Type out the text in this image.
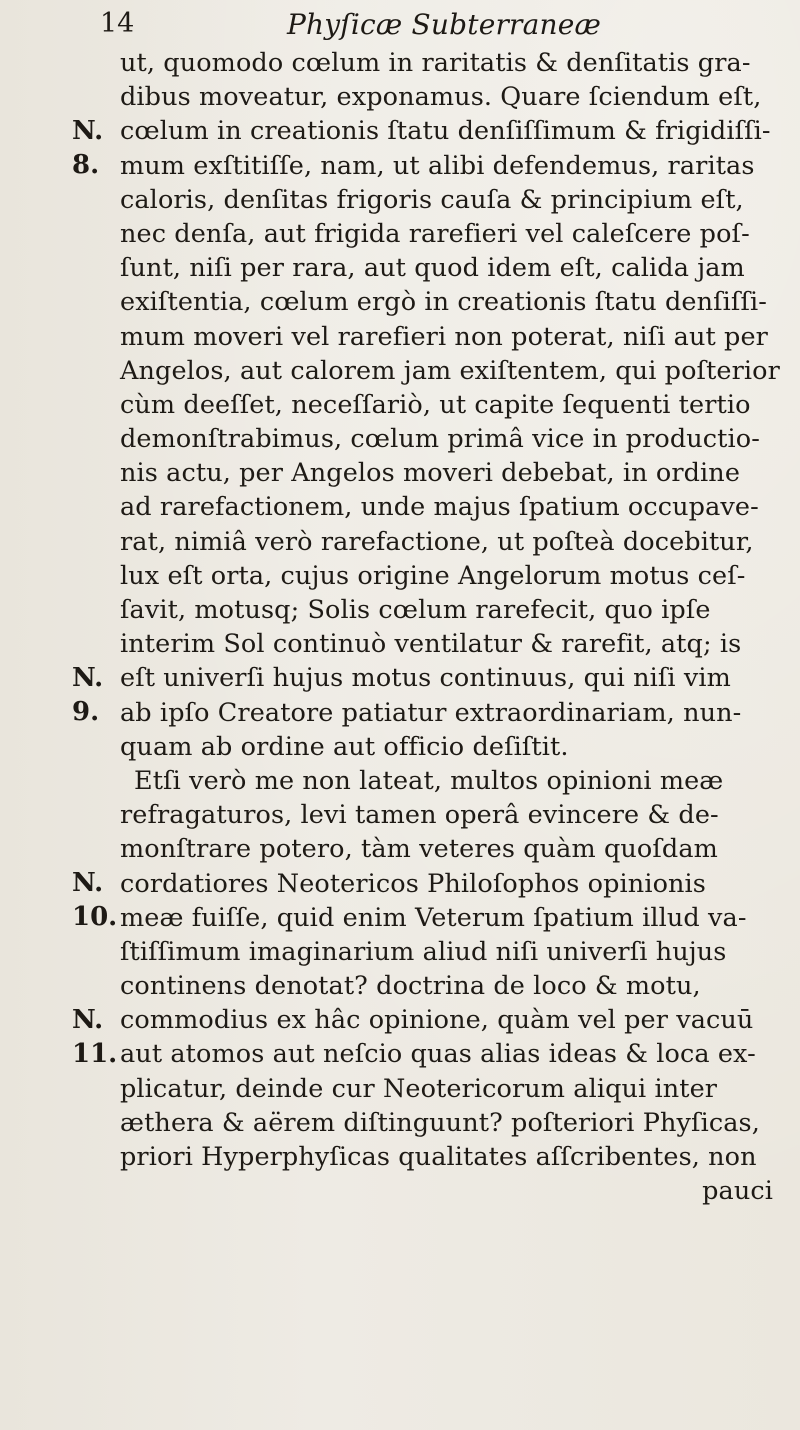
14	Phyſicæ Subterraneæ
ut, quomodo cœlum in raritatis & denſitatis gra-
dibus moveatur, exponamus. Quare ſciendum eſt,
cœlum in creationis ſtatu denſiſſimum & frigidiſſi-
mum exſtitiſſe, nam, ut alibi defendemus, raritas
caloris, denſitas frigoris cauſa & principium eſt,
nec denſa, aut frigida rarefieri vel caleſcere poſ-
ſunt, niſi per rara, aut quod idem eſt, calida jam
exiſtentia, cœlum ergò in creationis ſtatu denſiſſi-
mum moveri vel rarefieri non poterat, niſi aut per
Angelos, aut calorem jam exiſtentem, qui poſterior
cùm deeſſet, neceſſariò, ut capite ſequenti tertio
demonſtrabimus, cœlum primâ vice in productio-
nis actu, per Angelos moveri debebat, in ordine
ad rarefactionem, unde majus ſpatium occupave-
rat, nimiâ verò rarefactione, ut poſteà docebitur,
lux eſt orta, cujus origine Angelorum motus ceſ-
ſavit, motusq; Solis cœlum rarefecit, quo ipſe
interim Sol continuò ventilatur & rarefit, atq; is
eſt univerſi hujus motus continuus, qui niſi vim
ab ipſo Creatore patiatur extraordinariam, nun-
quam ab ordine aut officio deſiſtit.
Etſi verò me non lateat, multos opinioni meæ
refragaturos, levi tamen operâ evincere & de-
monſtrare potero, tàm veteres quàm quoſdam
cordatiores Neotericos Philoſophos opinionis
meæ fuiſſe, quid enim Veterum ſpatium illud va-
ſtiſſimum imaginarium aliud niſi univerſi hujus
continens denotat? doctrina de loco & motu,
commodius ex hâc opinione, quàm vel per vacuū
aut atomos aut neſcio quas alias ideas & loca ex-
plicatur, deinde cur Neotericorum aliqui inter
æthera & aërem diſtinguunt? poſteriori Phyſicas,
priori Hyperphyſicas qualitates aſſcribentes, non
pauci
N.
8.
N.
9.
N.
10.
N.
11.
